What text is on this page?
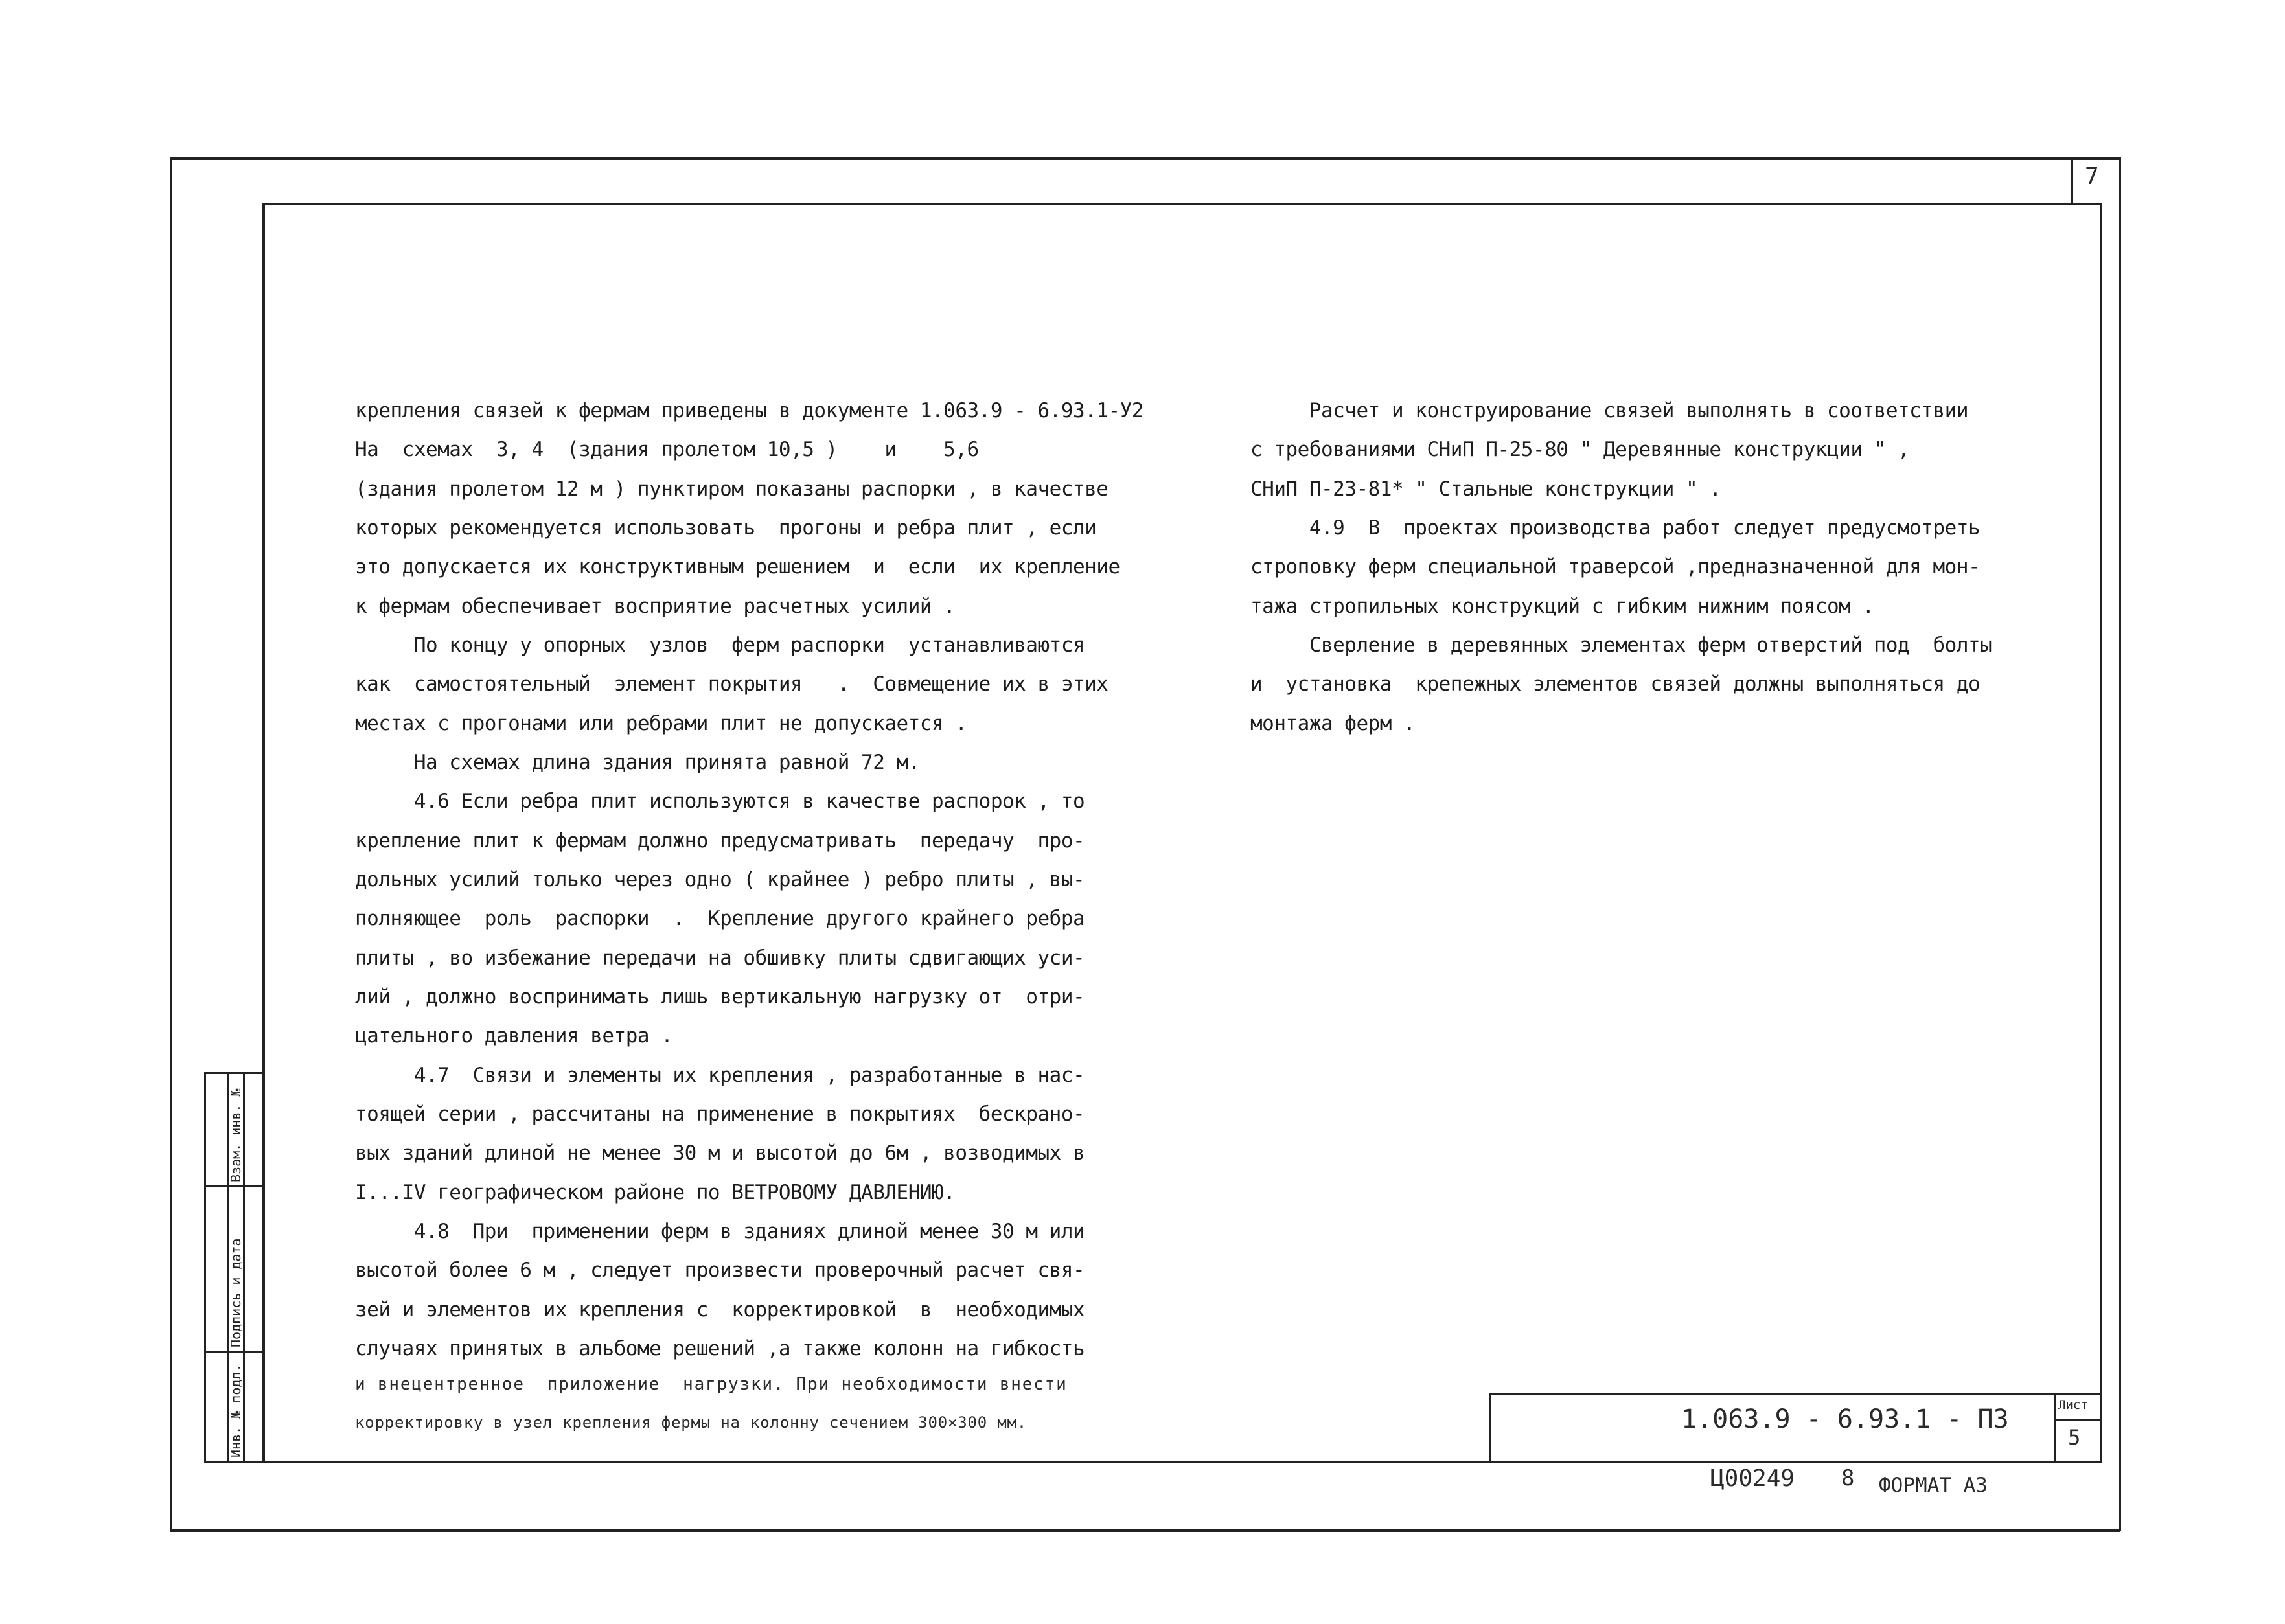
7
Взам. инв. №
Подпись и дата
Инв. № подл.
крепления связей к фермам приведены в документе 1.063.9 - 6.93.1-У2
На  схемах  3, 4  (здания пролетом 10,5 )    и    5,6
(здания пролетом 12 м ) пунктиром показаны распорки , в качестве
которых рекомендуется использовать  прогоны и ребра плит , если
это допускается их конструктивным решением  и  если  их крепление
к фермам обеспечивает восприятие расчетных усилий .
По концу у опорных  узлов  ферм распорки  устанавливаются
как  самостоятельный  элемент покрытия   .  Совмещение их в этих
местах с прогонами или ребрами плит не допускается .
На схемах длина здания принята равной 72 м.
4.6 Если ребра плит используются в качестве распорок , то
крепление плит к фермам должно предусматривать  передачу  про-
дольных усилий только через одно ( крайнее ) ребро плиты , вы-
полняющее  роль  распорки  .  Крепление другого крайнего ребра
плиты , во избежание передачи на обшивку плиты сдвигающих уси-
лий , должно воспринимать лишь вертикальную нагрузку от  отри-
цательного давления ветра .
4.7  Связи и элементы их крепления , разработанные в нас-
тоящей серии , рассчитаны на применение в покрытиях  бескрано-
вых зданий длиной не менее 30 м и высотой до 6м , возводимых в
I...IV географическом районе по ВЕТРОВОМУ ДАВЛЕНИЮ.
4.8  При  применении ферм в зданиях длиной менее 30 м или
высотой более 6 м , следует произвести проверочный расчет свя-
зей и элементов их крепления с  корректировкой  в  необходимых
случаях принятых в альбоме решений ,а также колонн на гибкость
и внецентренное  приложение  нагрузки. При необходимости внести
корректировку в узел крепления фермы на колонну сечением 300×300 мм.
Расчет и конструирование связей выполнять в соответствии
с требованиями СНиП П-25-80 " Деревянные конструкции " ,
СНиП П-23-81* " Стальные конструкции " .
4.9  В  проектах производства работ следует предусмотреть
строповку ферм специальной траверсой ,предназначенной для мон-
тажа стропильных конструкций с гибким нижним поясом .
Сверление в деревянных элементах ферм отверстий под  болты
и  установка  крепежных элементов связей должны выполняться до
монтажа ферм .
1.063.9 - 6.93.1 - ПЗ	Лист
5
Ц00249 8 ФОРМАТ А3
